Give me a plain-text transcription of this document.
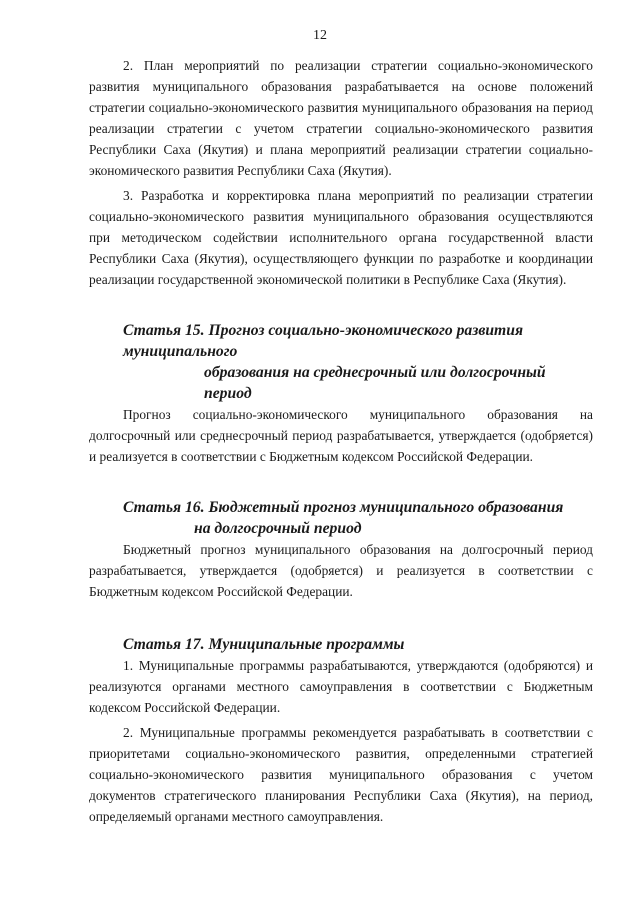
12

2. План мероприятий по реализации стратегии социально-экономического развития муниципального образования разрабатывается на основе положений стратегии социально-экономического развития муниципального образования на период реализации стратегии с учетом стратегии социально-экономического развития Республики Саха (Якутия) и плана мероприятий реализации стратегии социально-экономического развития Республики Саха (Якутия).

3. Разработка и корректировка плана мероприятий по реализации стратегии социально-экономического развития муниципального образования осуществляются при методическом содействии исполнительного органа государственной власти Республики Саха (Якутия), осуществляющего функции по разработке и координации реализации государственной экономической политики в Республике Саха (Якутия).

Статья 15. Прогноз социально-экономического развития муниципального
образования на среднесрочный или долгосрочный период

Прогноз социально-экономического муниципального образования на долгосрочный или среднесрочный период разрабатывается, утверждается (одобряется) и реализуется в соответствии с Бюджетным кодексом Российской Федерации.

Статья 16. Бюджетный прогноз муниципального образования
на долгосрочный период

Бюджетный прогноз муниципального образования на долгосрочный период разрабатывается, утверждается (одобряется) и реализуется в соответствии с Бюджетным кодексом Российской Федерации.

Статья 17. Муниципальные программы

1. Муниципальные программы разрабатываются, утверждаются (одобряются) и реализуются органами местного самоуправления в соответствии с Бюджетным кодексом Российской Федерации.

2. Муниципальные программы рекомендуется разрабатывать в соответствии с приоритетами социально-экономического развития, определенными стратегией социально-экономического развития муниципального образования с учетом документов стратегического планирования Республики Саха (Якутия), на период, определяемый органами местного самоуправления.
